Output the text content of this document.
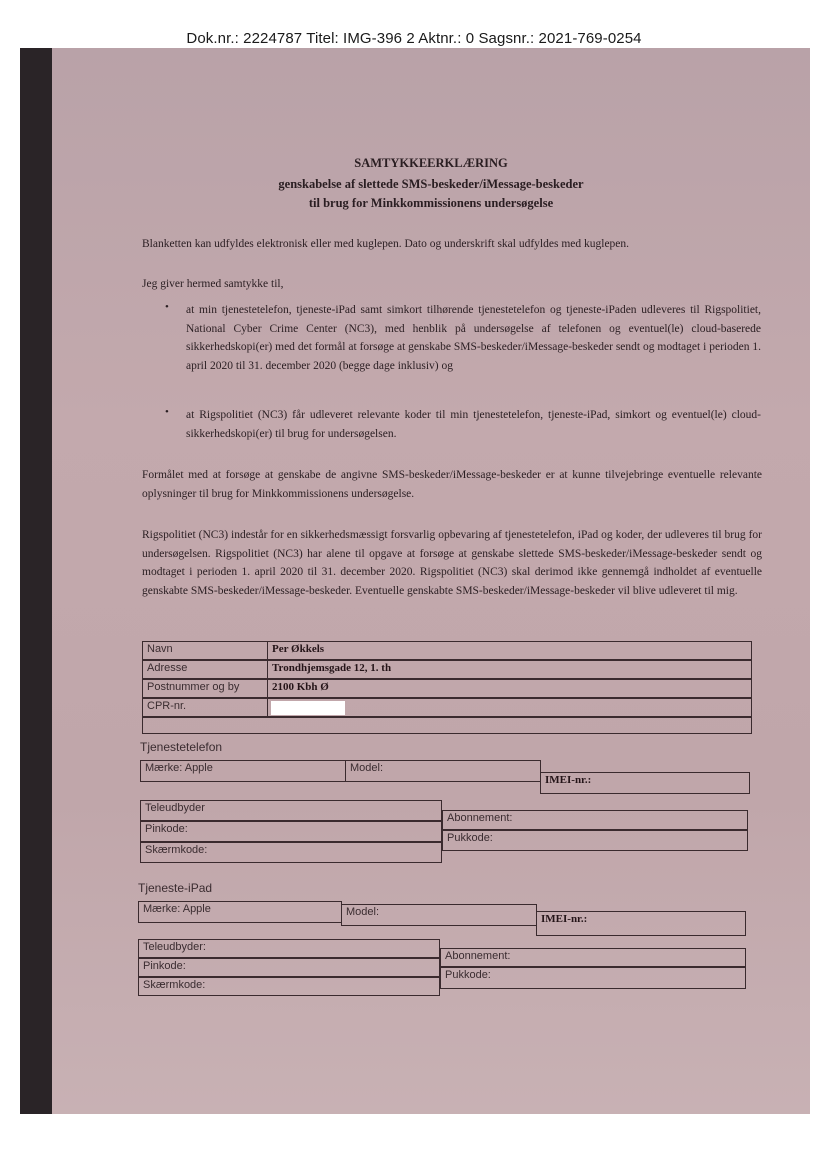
Dok.nr.: 2224787 Titel: IMG-396 2 Aktnr.: 0 Sagsnr.: 2021-769-0254
SAMTYKKEERKLÆRING
genskabelse af slettede SMS-beskeder/iMessage-beskeder
til brug for Minkkommissionens undersøgelse
Blanketten kan udfyldes elektronisk eller med kuglepen. Dato og underskrift skal udfyldes med kuglepen.
Jeg giver hermed samtykke til,
• at min tjenestetelefon, tjeneste-iPad samt simkort tilhørende tjenestetelefon og tjeneste-iPaden udleveres til Rigspolitiet, National Cyber Crime Center (NC3), med henblik på undersøgelse af telefonen og eventuel(le) cloud-baserede sikkerhedskopi(er) med det formål at forsøge at genskabe SMS-beskeder/iMessage-beskeder sendt og modtaget i perioden 1. april 2020 til 31. december 2020 (begge dage inklusiv) og
• at Rigspolitiet (NC3) får udleveret relevante koder til min tjenestetelefon, tjeneste-iPad, simkort og eventuel(le) cloud-sikkerhedskopi(er) til brug for undersøgelsen.
Formålet med at forsøge at genskabe de angivne SMS-beskeder/iMessage-beskeder er at kunne tilvejebringe eventuelle relevante oplysninger til brug for Minkkommissionens undersøgelse.
Rigspolitiet (NC3) indestår for en sikkerhedsmæssigt forsvarlig opbevaring af tjenestetelefon, iPad og koder, der udleveres til brug for undersøgelsen. Rigspolitiet (NC3) har alene til opgave at forsøge at genskabe slettede SMS-beskeder/iMessage-beskeder sendt og modtaget i perioden 1. april 2020 til 31. december 2020. Rigspolitiet (NC3) skal derimod ikke gennemgå indholdet af eventuelle genskabte SMS-beskeder/iMessage-beskeder. Eventuelle genskabte SMS-beskeder/iMessage-beskeder vil blive udleveret til mig.
Navn	Per Økkels
Adresse	Trondhjemsgade 12, 1. th
Postnummer og by	2100 Kbh Ø
CPR-nr.
Tjenestetelefon
Mærke: Apple	Model:
IMEI-nr.:
Teleudbyder
Pinkode:
Skærmkode:
Abonnement:
Pukkode:
Tjeneste-iPad
Mærke: Apple	Model:
IMEI-nr.:
Teleudbyder:
Pinkode:
Skærmkode:
Abonnement:
Pukkode:
